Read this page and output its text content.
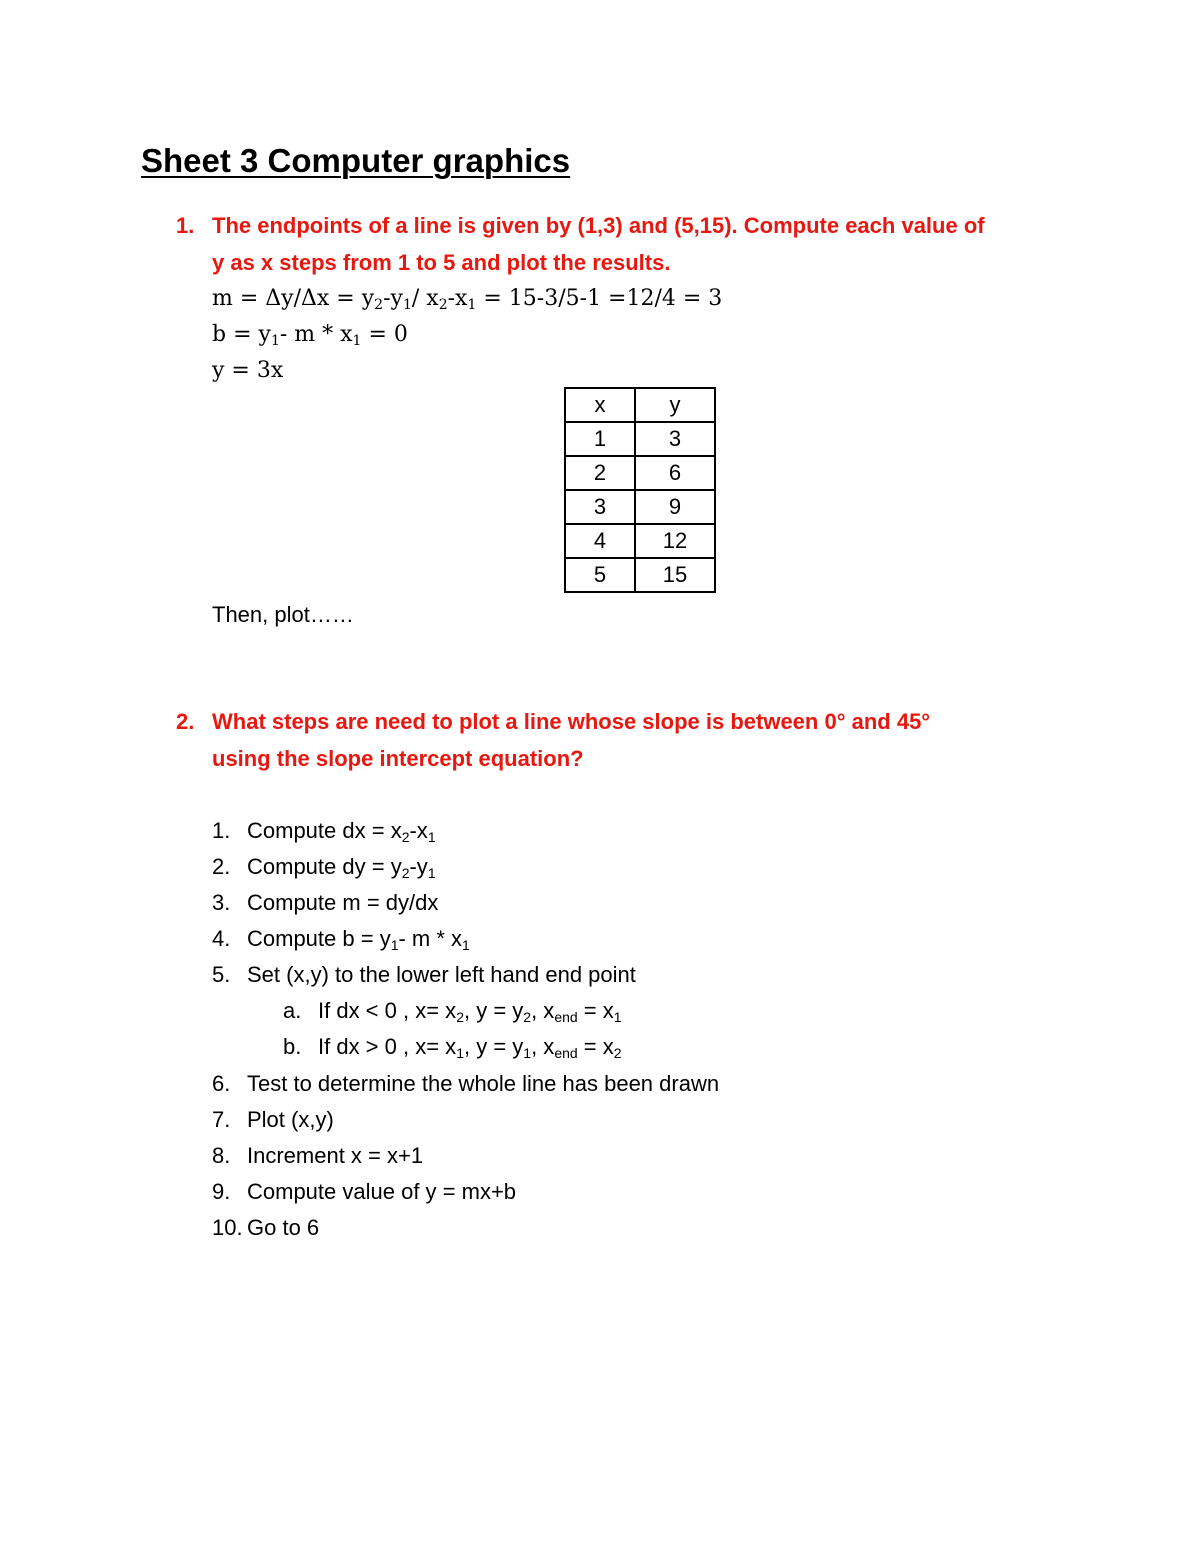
Sheet 3 Computer graphics
1. The endpoints of a line is given by (1,3) and (5,15). Compute each value of
y as x steps from 1 to 5 and plot the results.
m = Δy/Δx = y2-y1/ x2-x1 = 15-3/5-1 =12/4 = 3
b = y1- m * x1 = 0
y = 3x
x	y
1	3
2	6
3	9
4	12
5	15
Then, plot……
2. What steps are need to plot a line whose slope is between 0° and 45°
using the slope intercept equation?
1. Compute dx = x2-x1
2. Compute dy = y2-y1
3. Compute m = dy/dx
4. Compute b = y1- m * x1
5. Set (x,y) to the lower left hand end point
a. If dx < 0 , x= x2, y = y2, xend = x1
b. If dx > 0 , x= x1, y = y1, xend = x2
6. Test to determine the whole line has been drawn
7. Plot (x,y)
8. Increment x = x+1
9. Compute value of y = mx+b
10. Go to 6
